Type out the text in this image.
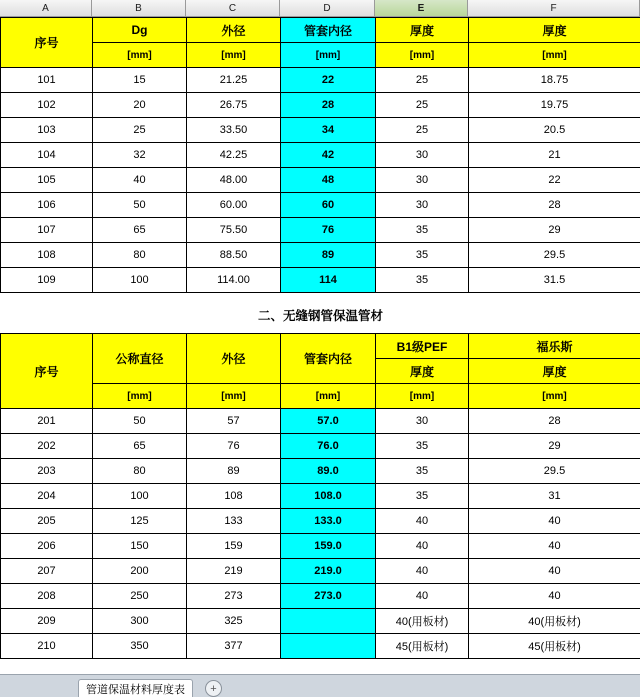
A	B	C	D	E	F
序号	Dg	外径	管套内径	厚度	厚度
	[mm]	[mm]	[mm]	[mm]	[mm]
101	15	21.25	22	25	18.75
102	20	26.75	28	25	19.75
103	25	33.50	34	25	20.5
104	32	42.25	42	30	21
105	40	48.00	48	30	22
106	50	60.00	60	30	28
107	65	75.50	76	35	29
108	80	88.50	89	35	29.5
109	100	114.00	114	35	31.5

二、无缝钢管保温管材					

序号	公称直径	外径	管套内径	B1级PEF	福乐斯
				厚度	厚度
	[mm]	[mm]	[mm]	[mm]	[mm]
201	50	57	57.0	30	28
202	65	76	76.0	35	29
203	80	89	89.0	35	29.5
204	100	108	108.0	35	31
205	125	133	133.0	40	40
206	150	159	159.0	40	40
207	200	219	219.0	40	40
208	250	273	273.0	40	40
209	300	325		40(用板材)	40(用板材)
210	350	377		45(用板材)	45(用板材)
管道保温材料厚度表	+
